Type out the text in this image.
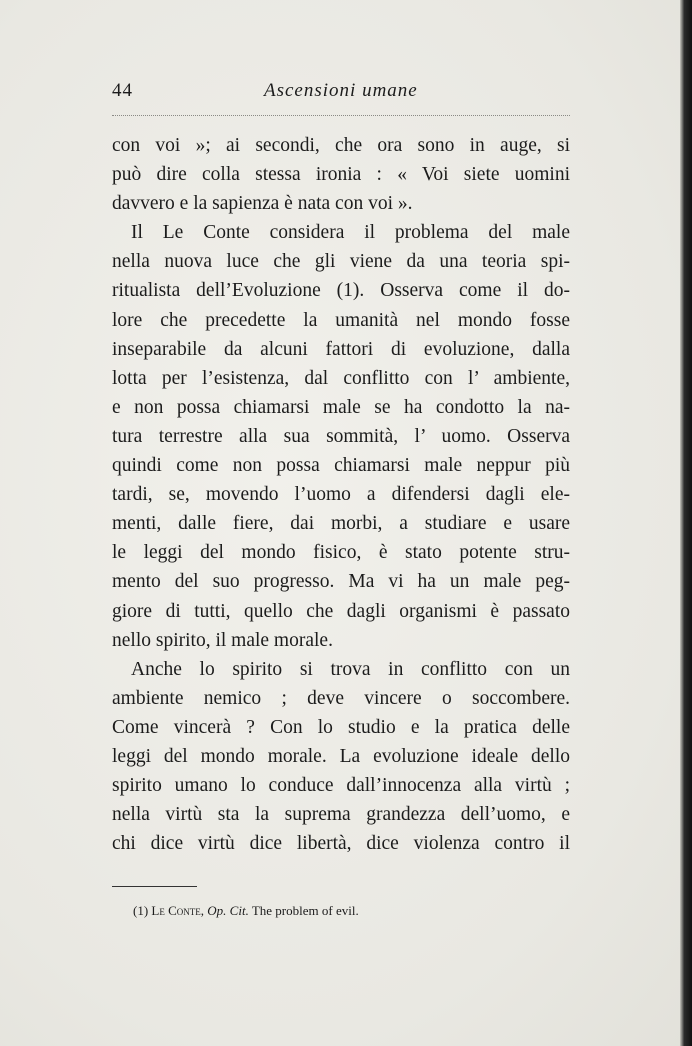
44	Ascensioni umane
con voi »; ai secondi, che ora sono in auge, si
può dire colla stessa ironia : « Voi siete uomini
davvero e la sapienza è nata con voi ».
Il Le Conte considera il problema del male
nella nuova luce che gli viene da una teoria spi-
ritualista dell’Evoluzione (1). Osserva come il do-
lore che precedette la umanità nel mondo fosse
inseparabile da alcuni fattori di evoluzione, dalla
lotta per l’esistenza, dal conflitto con l’ ambiente,
e non possa chiamarsi male se ha condotto la na-
tura terrestre alla sua sommità, l’ uomo. Osserva
quindi come non possa chiamarsi male neppur più
tardi, se, movendo l’uomo a difendersi dagli ele-
menti, dalle fiere, dai morbi, a studiare e usare
le leggi del mondo fisico, è stato potente stru-
mento del suo progresso. Ma vi ha un male peg-
giore di tutti, quello che dagli organismi è passato
nello spirito, il male morale.
Anche lo spirito si trova in conflitto con un
ambiente nemico ; deve vincere o soccombere.
Come vincerà ? Con lo studio e la pratica delle
leggi del mondo morale. La evoluzione ideale dello
spirito umano lo conduce dall’innocenza alla virtù ;
nella virtù sta la suprema grandezza dell’uomo, e
chi dice virtù dice libertà, dice violenza contro il
(1) Le Conte, Op. Cit. The problem of evil.
